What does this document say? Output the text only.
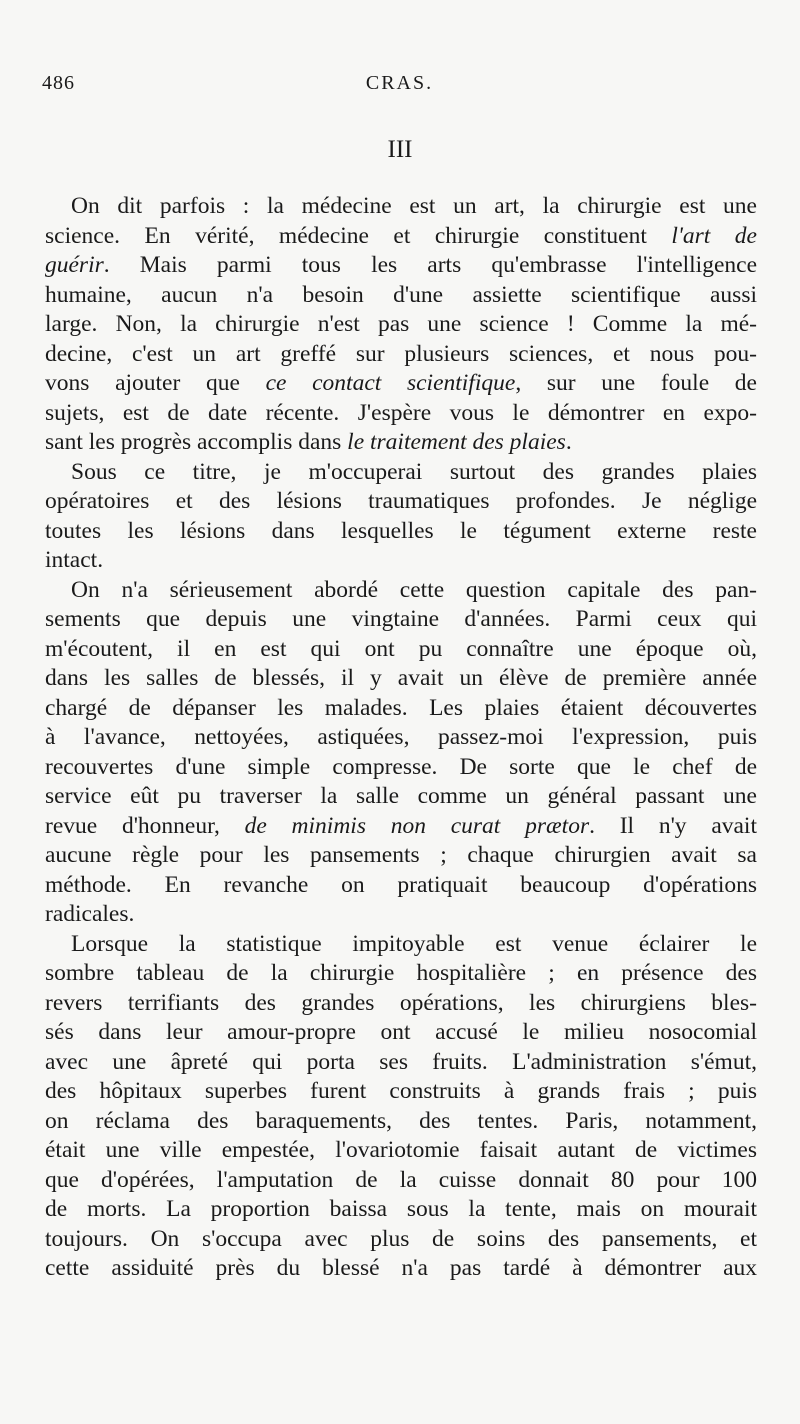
486	CRAS.
III

On dit parfois : la médecine est un art, la chirurgie est une
science. En vérité, médecine et chirurgie constituent l'art de
guérir. Mais parmi tous les arts qu'embrasse l'intelligence
humaine, aucun n'a besoin d'une assiette scientifique aussi
large. Non, la chirurgie n'est pas une science ! Comme la mé-
decine, c'est un art greffé sur plusieurs sciences, et nous pou-
vons ajouter que ce contact scientifique, sur une foule de
sujets, est de date récente. J'espère vous le démontrer en expo-
sant les progrès accomplis dans le traitement des plaies.

Sous ce titre, je m'occuperai surtout des grandes plaies
opératoires et des lésions traumatiques profondes. Je néglige
toutes les lésions dans lesquelles le tégument externe reste
intact.

On n'a sérieusement abordé cette question capitale des pan-
sements que depuis une vingtaine d'années. Parmi ceux qui
m'écoutent, il en est qui ont pu connaître une époque où,
dans les salles de blessés, il y avait un élève de première année
chargé de dépanser les malades. Les plaies étaient découvertes
à l'avance, nettoyées, astiquées, passez-moi l'expression, puis
recouvertes d'une simple compresse. De sorte que le chef de
service eût pu traverser la salle comme un général passant une
revue d'honneur, de minimis non curat prætor. Il n'y avait
aucune règle pour les pansements ; chaque chirurgien avait sa
méthode. En revanche on pratiquait beaucoup d'opérations
radicales.

Lorsque la statistique impitoyable est venue éclairer le
sombre tableau de la chirurgie hospitalière ; en présence des
revers terrifiants des grandes opérations, les chirurgiens bles-
sés dans leur amour-propre ont accusé le milieu nosocomial
avec une âpreté qui porta ses fruits. L'administration s'émut,
des hôpitaux superbes furent construits à grands frais ; puis
on réclama des baraquements, des tentes. Paris, notamment,
était une ville empestée, l'ovariotomie faisait autant de victimes
que d'opérées, l'amputation de la cuisse donnait 80 pour 100
de morts. La proportion baissa sous la tente, mais on mourait
toujours. On s'occupa avec plus de soins des pansements, et
cette assiduité près du blessé n'a pas tardé à démontrer aux
